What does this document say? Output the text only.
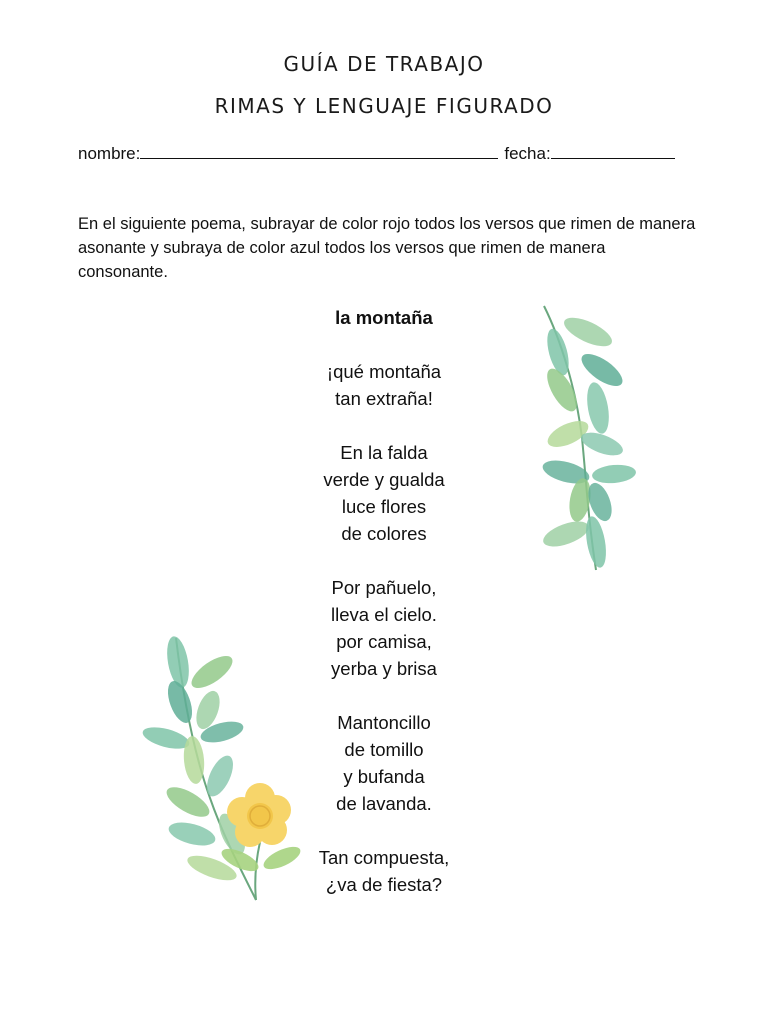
GUÍA DE TRABAJO
RIMAS Y LENGUAJE FIGURADO
nombre:	fecha:

En el siguiente poema, subrayar de color rojo todos los versos que rimen de manera asonante y subraya de color azul todos los versos que rimen de manera consonante.

la montaña
¡qué montaña
tan extraña!
En la falda
verde y gualda
luce flores
de colores
Por pañuelo,
lleva el cielo.
por camisa,
yerba y brisa
Mantoncillo
de tomillo
y bufanda
de lavanda.
Tan compuesta,
¿va de fiesta?
